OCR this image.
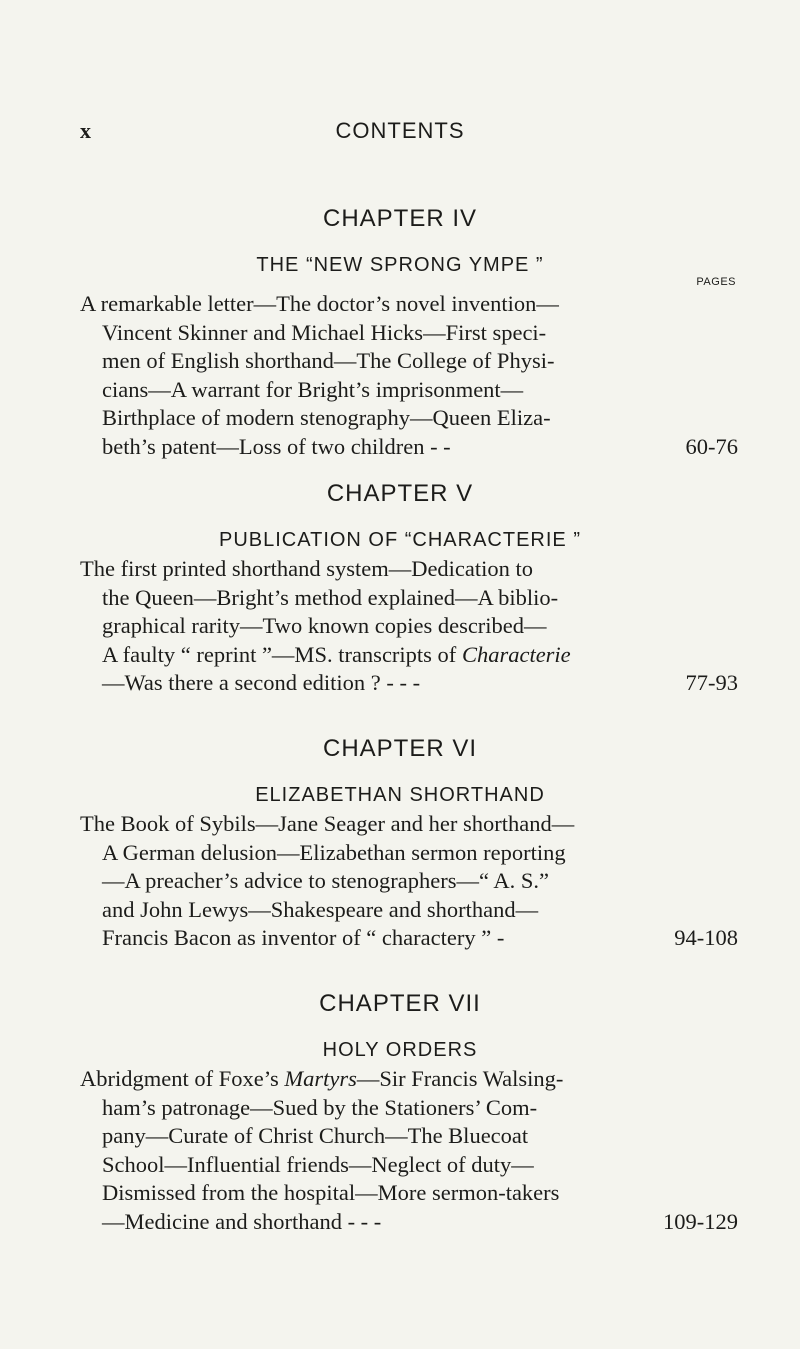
x	CONTENTS
CHAPTER IV
THE “NEW SPRONG YMPE ”
PAGES
A remarkable letter—The doctor’s novel invention—
Vincent Skinner and Michael Hicks—First speci-
men of English shorthand—The College of Physi-
cians—A warrant for Bright’s imprisonment—
Birthplace of modern stenography—Queen Eliza-
beth’s patent—Loss of two children - -	60-76
CHAPTER V
PUBLICATION OF “CHARACTERIE ”
The first printed shorthand system—Dedication to
the Queen—Bright’s method explained—A biblio-
graphical rarity—Two known copies described—
A faulty “ reprint ”—MS. transcripts of Characterie
—Was there a second edition ? - - -	77-93
CHAPTER VI
ELIZABETHAN SHORTHAND
The Book of Sybils—Jane Seager and her shorthand—
A German delusion—Elizabethan sermon reporting
—A preacher’s advice to stenographers—“ A. S.”
and John Lewys—Shakespeare and shorthand—
Francis Bacon as inventor of “ charactery ” -	94-108
CHAPTER VII
HOLY ORDERS
Abridgment of Foxe’s Martyrs—Sir Francis Walsing-
ham’s patronage—Sued by the Stationers’ Com-
pany—Curate of Christ Church—The Bluecoat
School—Influential friends—Neglect of duty—
Dismissed from the hospital—More sermon-takers
—Medicine and shorthand - - -	109-129
